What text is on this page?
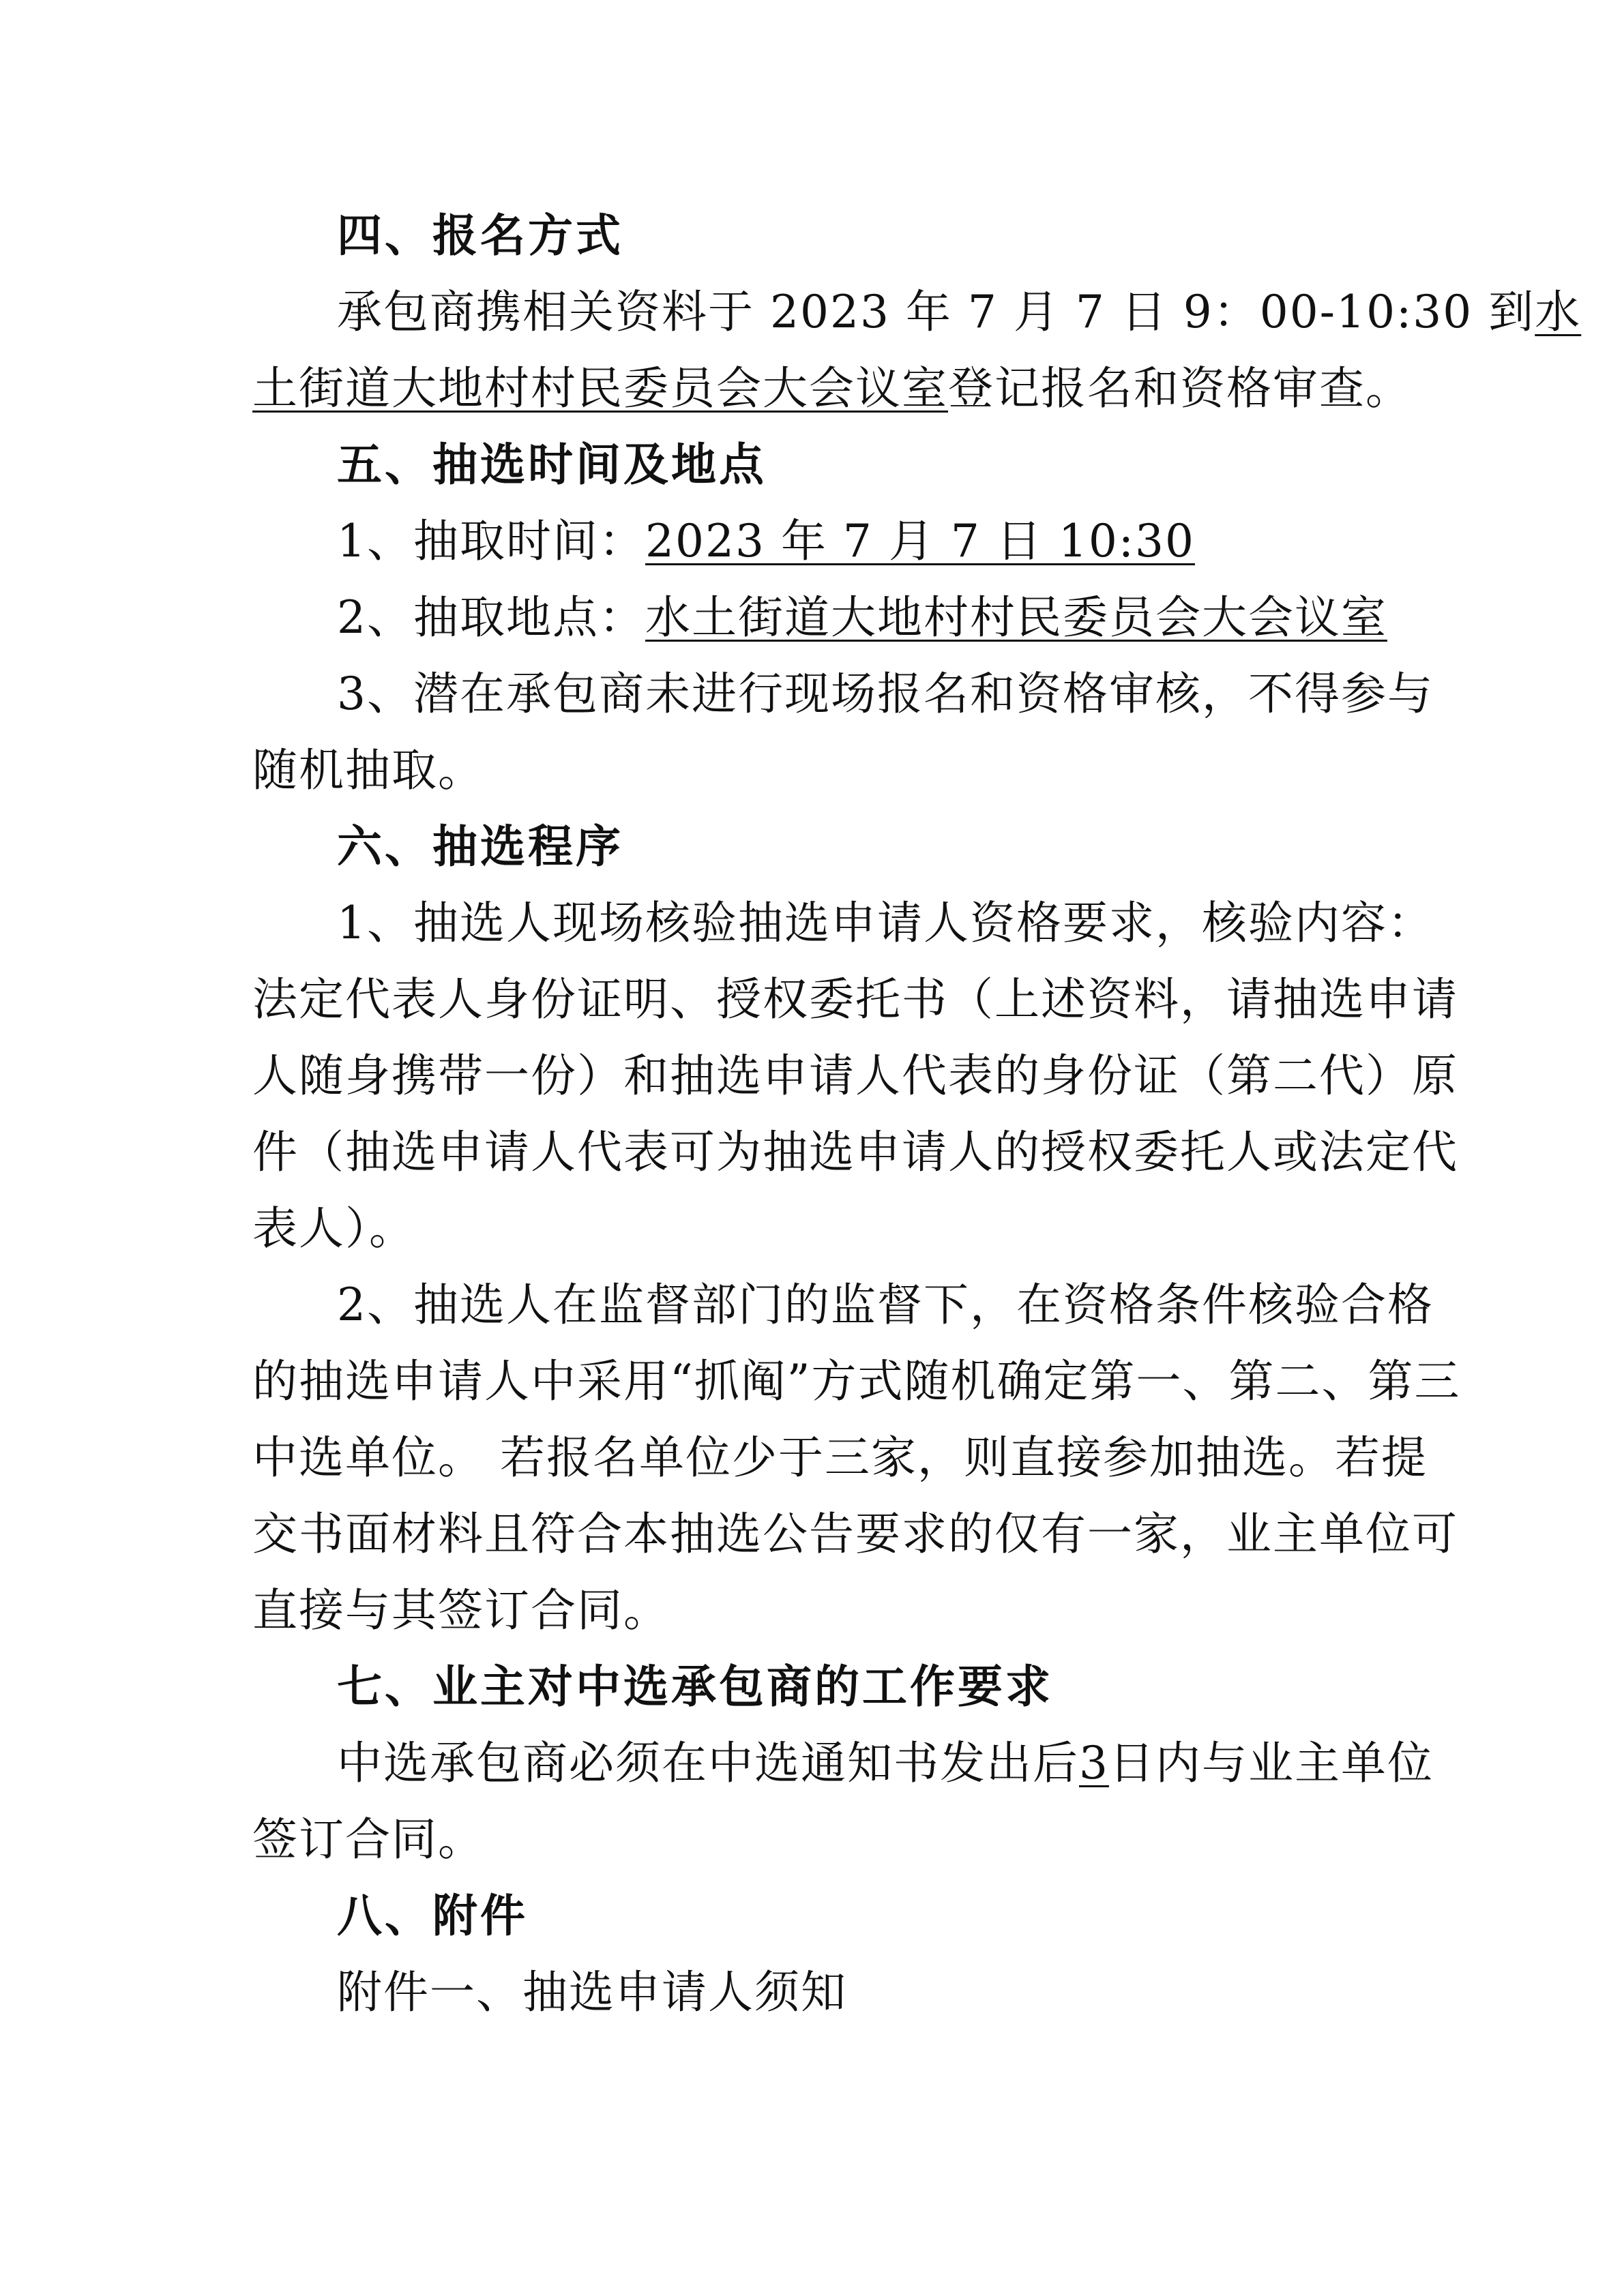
四、报名方式
承包商携相关资料于 2023 年 7 月 7 日 9：00-10:30 到水
土街道大地村村民委员会大会议室登记报名和资格审查。
五、抽选时间及地点
1、抽取时间：2023 年 7 月 7 日 10:30
2、抽取地点：水土街道大地村村民委员会大会议室
3、潜在承包商未进行现场报名和资格审核，不得参与
随机抽取。
六、抽选程序
1、抽选人现场核验抽选申请人资格要求，核验内容：
法定代表人身份证明、授权委托书（上述资料，请抽选申请
人随身携带一份）和抽选申请人代表的身份证（第二代）原
件（抽选申请人代表可为抽选申请人的授权委托人或法定代
表人）。
2、抽选人在监督部门的监督下，在资格条件核验合格
的抽选申请人中采用“抓阄”方式随机确定第一、第二、第三
中选单位。 若报名单位少于三家，则直接参加抽选。若提
交书面材料且符合本抽选公告要求的仅有一家，业主单位可
直接与其签订合同。
七、业主对中选承包商的工作要求
中选承包商必须在中选通知书发出后3日内与业主单位
签订合同。
八、附件
附件一、抽选申请人须知
